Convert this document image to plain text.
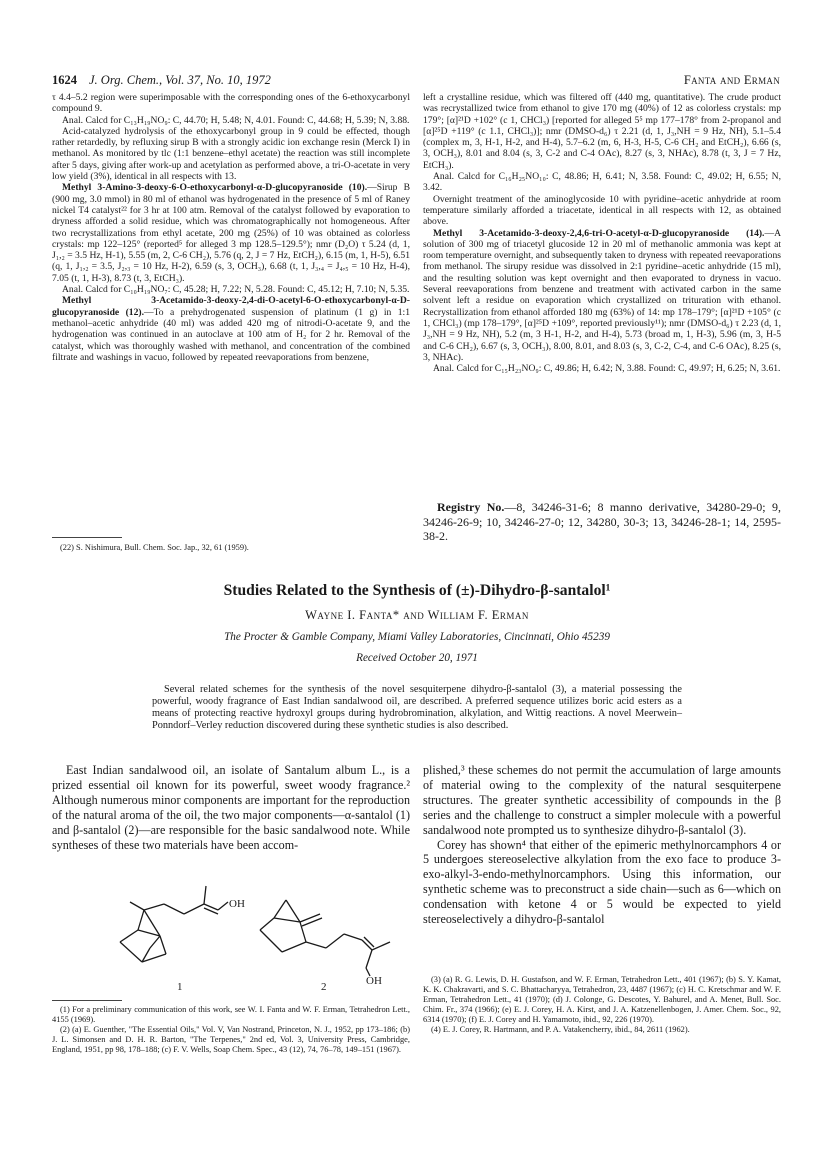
1624 J. Org. Chem., Vol. 37, No. 10, 1972	Fanta and Erman

τ 4.4–5.2 region were superimposable with the corresponding ones of the 6-ethoxycarbonyl compound 9.

Anal. Calcd for C₁₃H₁₉NO₉: C, 44.70; H, 5.48; N, 4.01. Found: C, 44.68; H, 5.39; N, 3.88.

Acid-catalyzed hydrolysis of the ethoxycarbonyl group in 9 could be effected, though rather retardedly, by refluxing sirup B with a strongly acidic ion exchange resin (Merck I) in methanol. As monitored by tlc (1:1 benzene–ethyl acetate) the reaction was still incomplete after 5 days, giving after work-up and acetylation as performed above, a tri-O-acetate in very low yield (3%), identical in all respects with 13.

Methyl 3-Amino-3-deoxy-6-O-ethoxycarbonyl-α-D-glucopyranoside (10).—Sirup B (900 mg, 3.0 mmol) in 80 ml of ethanol was hydrogenated in the presence of 5 ml of Raney nickel T4 catalyst²² for 3 hr at 100 atm. Removal of the catalyst followed by evaporation to dryness afforded a solid residue, which was chromatographically not homogeneous. After two recrystallizations from ethyl acetate, 200 mg (25%) of 10 was obtained as colorless crystals: mp 122–125° (reported⁵ for alleged 3 mp 128.5–129.5°); nmr (D₂O) τ 5.24 (d, 1, J₁,₂ = 3.5 Hz, H-1), 5.55 (m, 2, C-6 CH₂), 5.76 (q, 2, J = 7 Hz, EtCH₂), 6.15 (m, 1, H-5), 6.51 (q, 1, J₁,₂ = 3.5, J₂,₃ = 10 Hz, H-2), 6.59 (s, 3, OCH₃), 6.68 (t, 1, J₃,₄ = J₄,₅ = 10 Hz, H-4), 7.05 (t, 1, H-3), 8.73 (t, 3, EtCH₃).

Anal. Calcd for C₁₀H₁₉NO₇: C, 45.28; H, 7.22; N, 5.28. Found: C, 45.12; H, 7.10; N, 5.35.

Methyl 3-Acetamido-3-deoxy-2,4-di-O-acetyl-6-O-ethoxycarbonyl-α-D-glucopyranoside (12).—To a prehydrogenated suspension of platinum (1 g) in 1:1 methanol–acetic anhydride (40 ml) was added 420 mg of nitrodi-O-acetate 9, and the hydrogenation was continued in an autoclave at 100 atm of H₂ for 2 hr. Removal of the catalyst, which was thoroughly washed with methanol, and concentration of the combined filtrate and washings in vacuo, followed by repeated reevaporations from benzene,

(22) S. Nishimura, Bull. Chem. Soc. Jap., 32, 61 (1959).

left a crystalline residue, which was filtered off (440 mg, quantitative). The crude product was recrystallized twice from ethanol to give 170 mg (40%) of 12 as colorless crystals: mp 179°; [α]²¹D +102° (c 1, CHCl₃) [reported for alleged 5⁵ mp 177–178° from 2-propanol and [α]²⁵D +119° (c 1.1, CHCl₃)]; nmr (DMSO-d₆) τ 2.21 (d, 1, J₃,NH = 9 Hz, NH), 5.1–5.4 (complex m, 3, H-1, H-2, and H-4), 5.7–6.2 (m, 6, H-3, H-5, C-6 CH₂ and EtCH₂), 6.66 (s, 3, OCH₃), 8.01 and 8.04 (s, 3, C-2 and C-4 OAc), 8.27 (s, 3, NHAc), 8.78 (t, 3, J = 7 Hz, EtCH₃).

Anal. Calcd for C₁₆H₂₅NO₁₀: C, 48.86; H, 6.41; N, 3.58. Found: C, 49.02; H, 6.55; N, 3.42.

Overnight treatment of the aminoglycoside 10 with pyridine–acetic anhydride at room temperature similarly afforded a triacetate, identical in all respects with 12, as obtained above.

Methyl 3-Acetamido-3-deoxy-2,4,6-tri-O-acetyl-α-D-glucopyranoside (14).—A solution of 300 mg of triacetyl glucoside 12 in 20 ml of methanolic ammonia was kept at room temperature overnight, and subsequently taken to dryness with repeated reevaporations from methanol. The sirupy residue was dissolved in 2:1 pyridine–acetic anhydride (15 ml), and the resulting solution was kept overnight and then evaporated to dryness in vacuo. Several reevaporations from benzene and treatment with activated carbon in the same solvent left a residue on evaporation which crystallized on trituration with ethanol. Recrystallization from ethanol afforded 180 mg (63%) of 14: mp 178–179°; [α]²¹D +105° (c 1, CHCl₃) (mp 178–179°, [α]²⁵D +109°, reported previously¹¹); nmr (DMSO-d₆) τ 2.23 (d, 1, J₃,NH = 9 Hz, NH), 5.2 (m, 3 H-1, H-2, and H-4), 5.73 (broad m, 1, H-3), 5.96 (m, 3, H-5 and C-6 CH₂), 6.67 (s, 3, OCH₃), 8.00, 8.01, and 8.03 (s, 3, C-2, C-4, and C-6 OAc), 8.25 (s, 3, NHAc).

Anal. Calcd for C₁₅H₂₃NO₉: C, 49.86; H, 6.42; N, 3.88. Found: C, 49.97; H, 6.25; N, 3.61.

Registry No.—8, 34246-31-6; 8 manno derivative, 34280-29-0; 9, 34246-26-9; 10, 34246-27-0; 12, 34280, 30-3; 13, 34246-28-1; 14, 2595-38-2.
Studies Related to the Synthesis of (±)-Dihydro-β-santalol¹
Wayne I. Fanta* and William F. Erman
The Procter & Gamble Company, Miami Valley Laboratories, Cincinnati, Ohio 45239
Received October 20, 1971
Several related schemes for the synthesis of the novel sesquiterpene dihydro-β-santalol (3), a material possessing the powerful, woody fragrance of East Indian sandalwood oil, are described. A preferred sequence utilizes boric acid esters as a means of protecting reactive hydroxyl groups during hydrobromination, alkylation, and Wittig reactions. A novel Meerwein–Ponndorf–Verley reduction discovered during these synthetic studies is also described.

East Indian sandalwood oil, an isolate of Santalum album L., is a prized essential oil known for its powerful, sweet woody fragrance.² Although numerous minor components are important for the reproduction of the natural aroma of the oil, the two major components—α-santalol (1) and β-santalol (2)—are responsible for the basic sandalwood note. While syntheses of these two materials have been accom-

plished,³ these schemes do not permit the accumulation of large amounts of material owing to the complexity of the natural sesquiterpene structures. The greater synthetic accessibility of compounds in the β series and the challenge to construct a simpler molecule with a powerful sandalwood note prompted us to synthesize dihydro-β-santalol (3).

Corey has shown⁴ that either of the epimeric methylnorcamphors 4 or 5 undergoes stereoselective alkylation from the exo face to produce 3-exo-alkyl-3-endo-methylnorcamphors. Using this information, our synthetic scheme was to preconstruct a side chain—such as 6—which on condensation with ketone 4 or 5 would be expected to yield stereoselectively a dihydro-β-santalol

OH
1	OH
2

(1) For a preliminary communication of this work, see W. I. Fanta and W. F. Erman, Tetrahedron Lett., 4155 (1969).

(2) (a) E. Guenther, "The Essential Oils," Vol. V, Van Nostrand, Princeton, N. J., 1952, pp 173–186; (b) J. L. Simonsen and D. H. R. Barton, "The Terpenes," 2nd ed, Vol. 3, University Press, Cambridge, England, 1951, pp 98, 178–188; (c) F. V. Wells, Soap Chem. Spec., 43 (12), 74, 76–78, 149–151 (1967).

(3) (a) R. G. Lewis, D. H. Gustafson, and W. F. Erman, Tetrahedron Lett., 401 (1967); (b) S. Y. Kamat, K. K. Chakravarti, and S. C. Bhattacharyya, Tetrahedron, 23, 4487 (1967); (c) H. C. Kretschmar and W. F. Erman, Tetrahedron Lett., 41 (1970); (d) J. Colonge, G. Descotes, Y. Bahurel, and A. Menet, Bull. Soc. Chim. Fr., 374 (1966); (e) E. J. Corey, H. A. Kirst, and J. A. Katzenellenbogen, J. Amer. Chem. Soc., 92, 6314 (1970); (f) E. J. Corey and H. Yamamoto, ibid., 92, 226 (1970).

(4) E. J. Corey, R. Hartmann, and P. A. Vatakencherry, ibid., 84, 2611 (1962).
